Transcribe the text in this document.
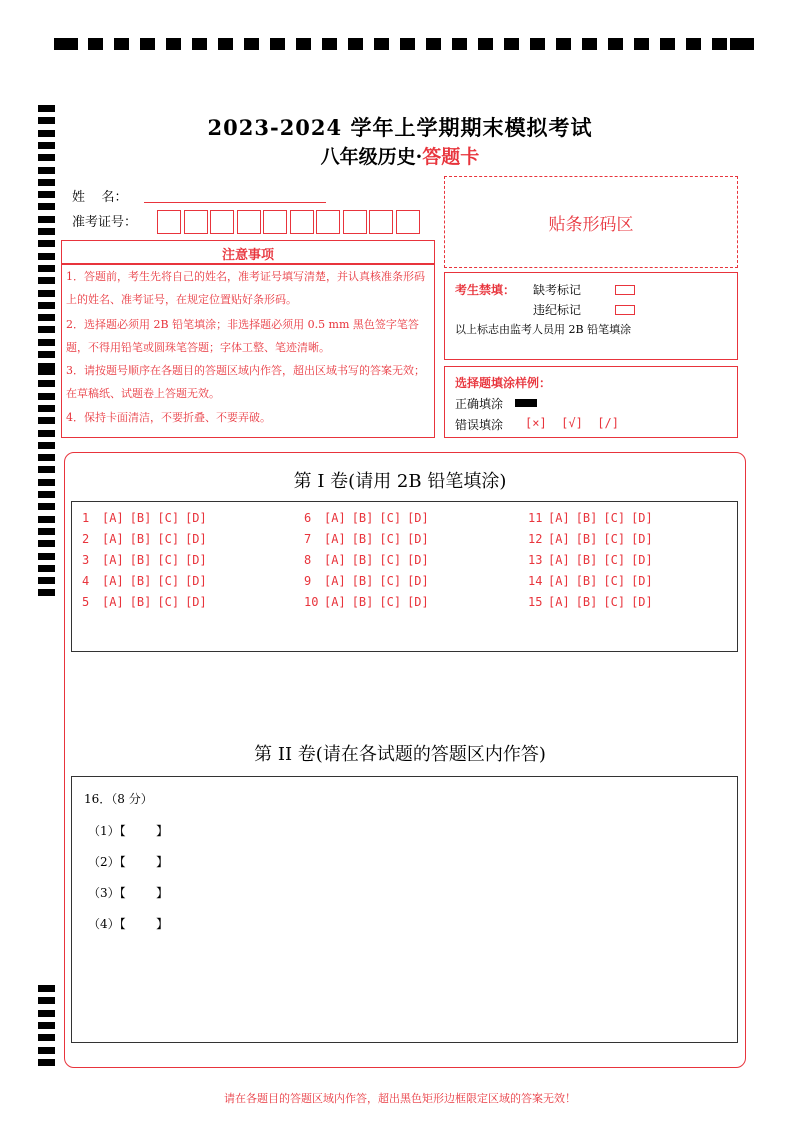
2023-2024 学年上学期期末模拟考试
八年级历史·答题卡
姓    名：
准考证号：	贴条形码区
注意事项
1．答题前，考生先将自己的姓名，准考证号填写清楚，并认真核准条形码上的姓名、准考证号，在规定位置贴好条形码。
2．选择题必须用 2B 铅笔填涂；非选择题必须用 0.5 mm 黑色签字笔答题，不得用铅笔或圆珠笔答题；字体工整、笔迹清晰。
3．请按题号顺序在各题目的答题区域内作答，超出区域书写的答案无效；在草稿纸、试题卷上答题无效。
4．保持卡面清洁，不要折叠、不要弄破。
考生禁填： 缺考标记
违纪标记
以上标志由监考人员用 2B 铅笔填涂
选择题填涂样例：
正确填涂
错误填涂 [×] [√] [/]
第 I 卷(请用 2B 铅笔填涂)
1 [A] [B] [C] [D]
2 [A] [B] [C] [D]
3 [A] [B] [C] [D]
4 [A] [B] [C] [D]
5 [A] [B] [C] [D]
6 [A] [B] [C] [D]
7 [A] [B] [C] [D]
8 [A] [B] [C] [D]
9 [A] [B] [C] [D]
10 [A] [B] [C] [D]
11 [A] [B] [C] [D]
12 [A] [B] [C] [D]
13 [A] [B] [C] [D]
14 [A] [B] [C] [D]
15 [A] [B] [C] [D]
第 II 卷(请在各试题的答题区内作答)
16．（8 分）
（1）【        】
（2）【        】
（3）【        】
（4）【        】
请在各题目的答题区域内作答，超出黑色矩形边框限定区域的答案无效！
